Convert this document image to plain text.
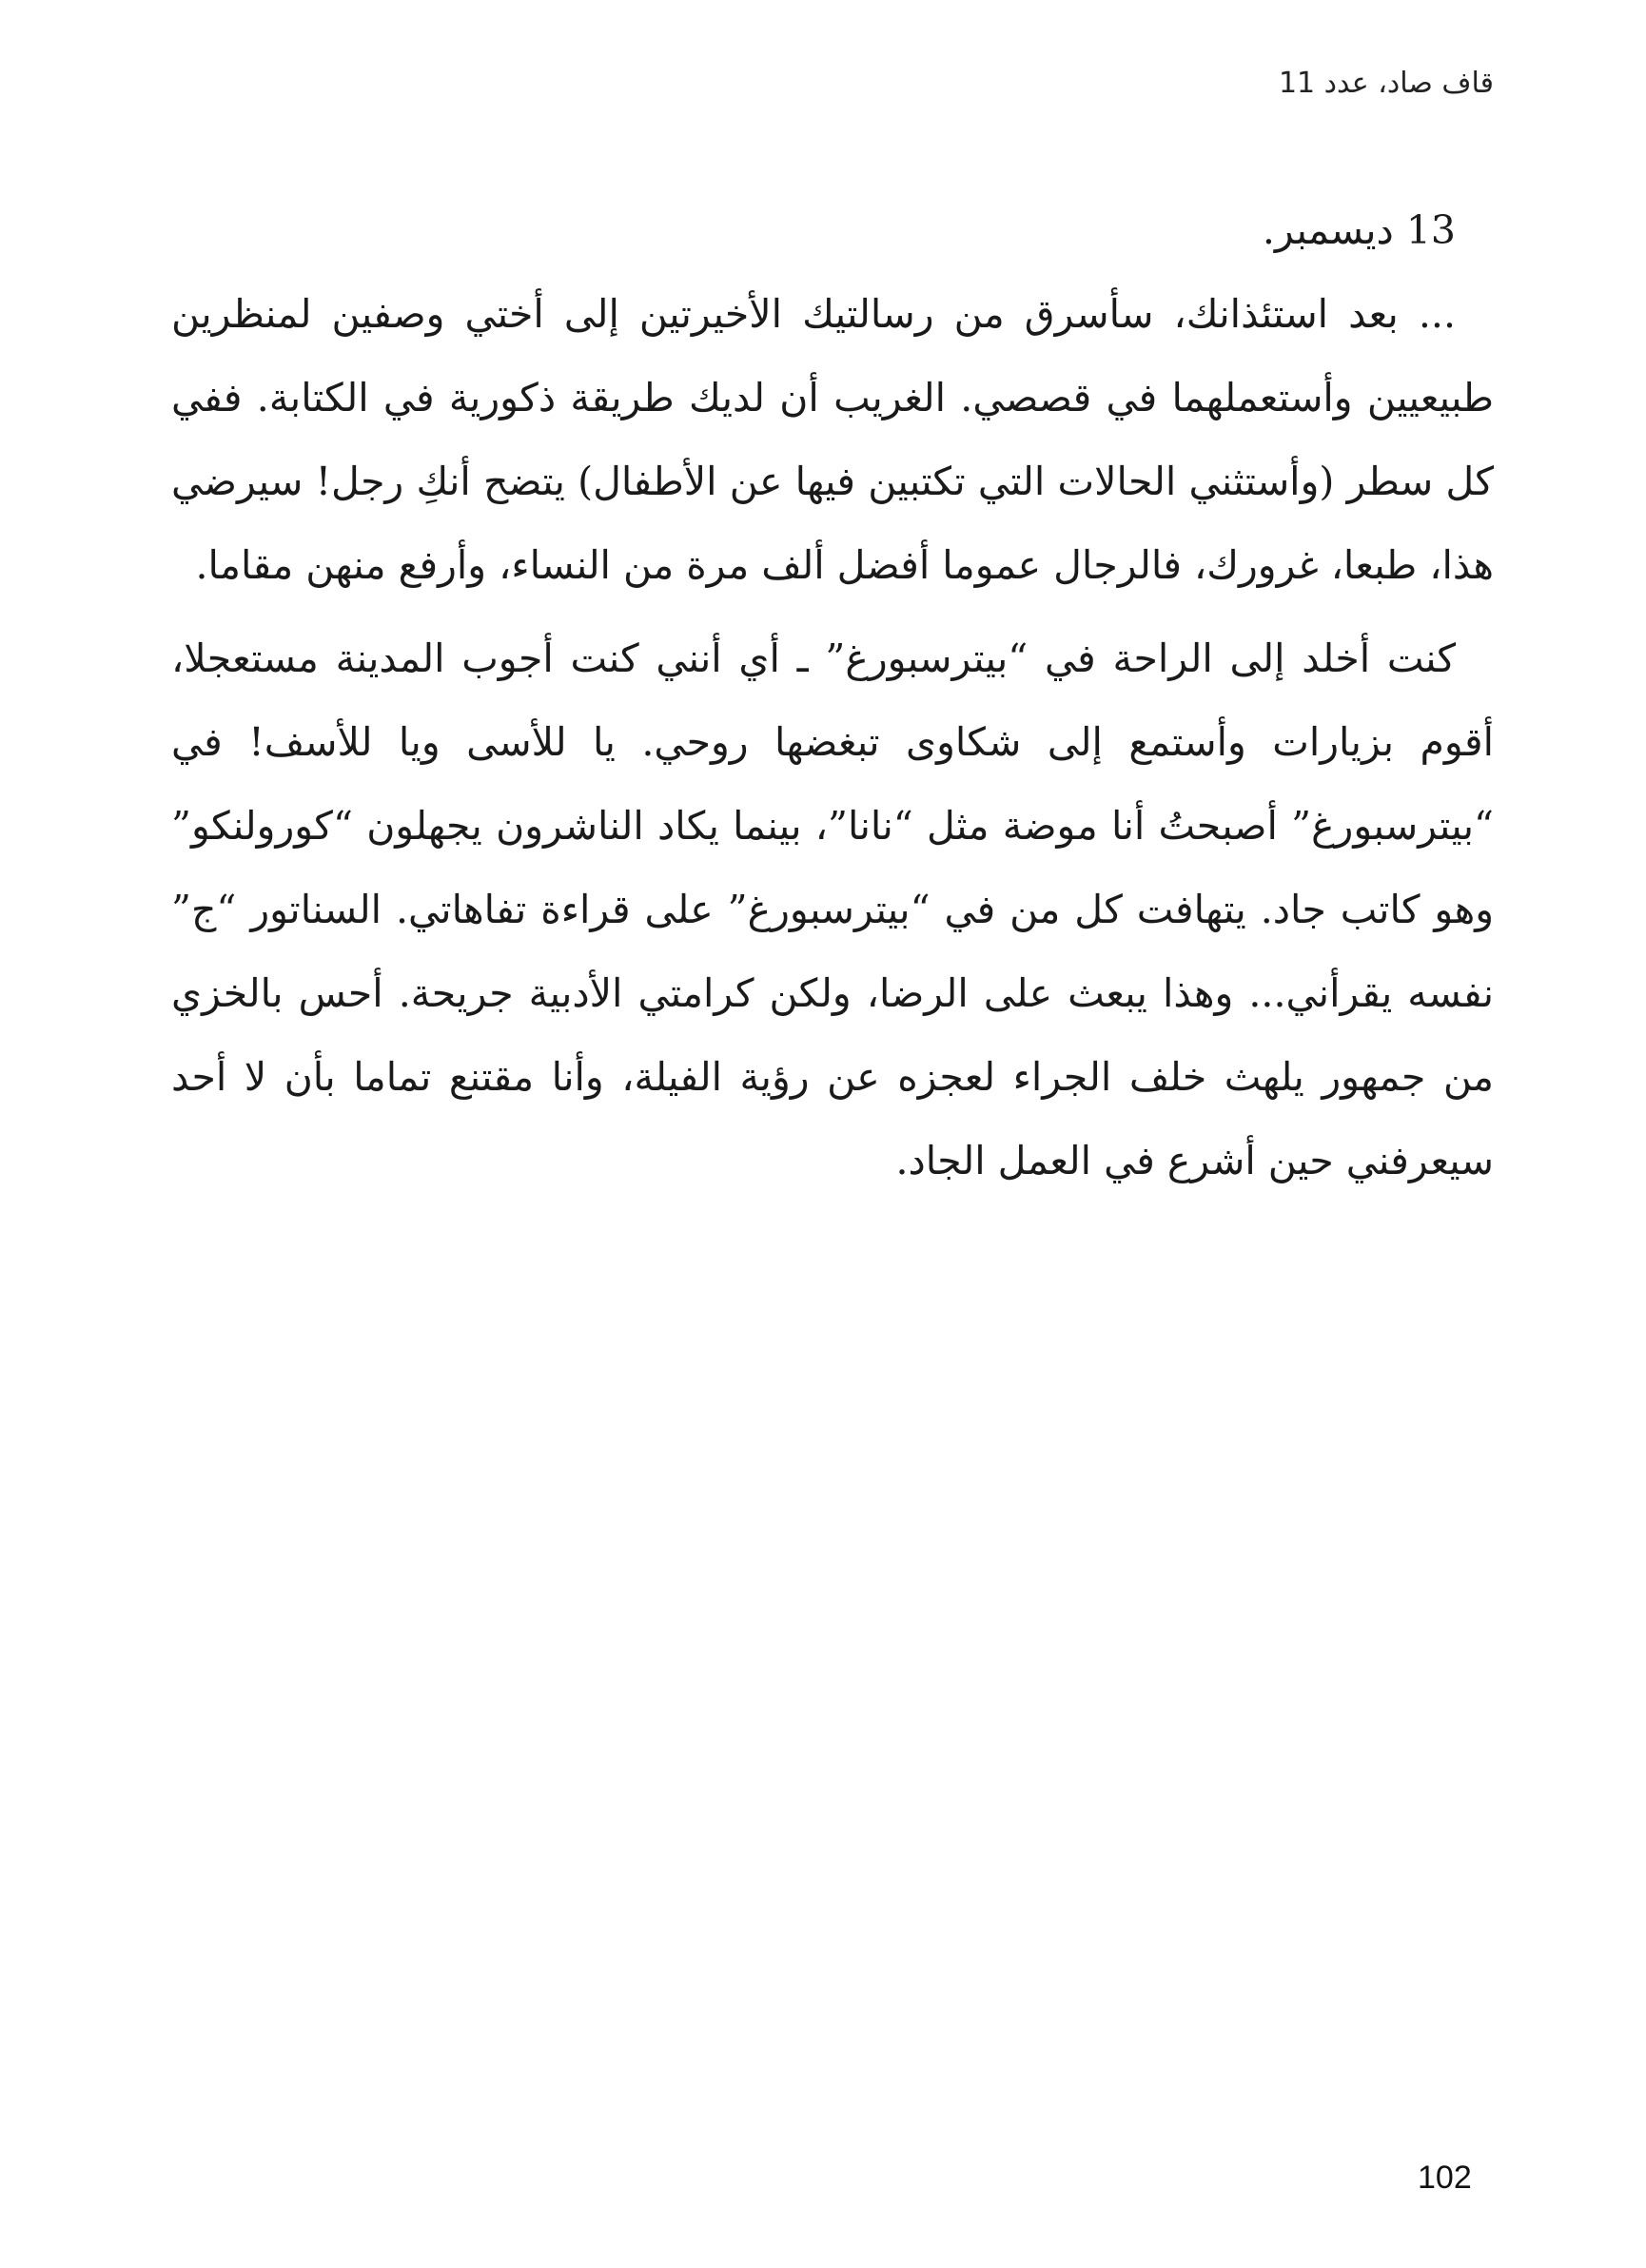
قاف صاد، عدد 11

13 ديسمبر.

... بعد استئذانك، سأسرق من رسالتيك الأخيرتين إلى أختي وصفين لمنظرين طبيعيين وأستعملهما في قصصي. الغريب أن لديك طريقة ذكورية في الكتابة. ففي كل سطر (وأستثني الحالات التي تكتبين فيها عن الأطفال) يتضح أنكِ رجل! سيرضي هذا، طبعا، غرورك، فالرجال عموما أفضل ألف مرة من النساء، وأرفع منهن مقاما.

كنت أخلد إلى الراحة في “بيترسبورغ” ـ أي أنني كنت أجوب المدينة مستعجلا، أقوم بزيارات وأستمع إلى شكاوى تبغضها روحي. يا للأسى ويا للأسف! في “بيترسبورغ” أصبحتُ أنا موضة مثل “نانا”، بينما يكاد الناشرون يجهلون “كورولنكو” وهو كاتب جاد. يتهافت كل من في “بيترسبورغ” على قراءة تفاهاتي. السناتور “ج” نفسه يقرأني... وهذا يبعث على الرضا، ولكن كرامتي الأدبية جريحة. أحس بالخزي من جمهور يلهث خلف الجراء لعجزه عن رؤية الفيلة، وأنا مقتنع تماما بأن لا أحد سيعرفني حين أشرع في العمل الجاد.

102
